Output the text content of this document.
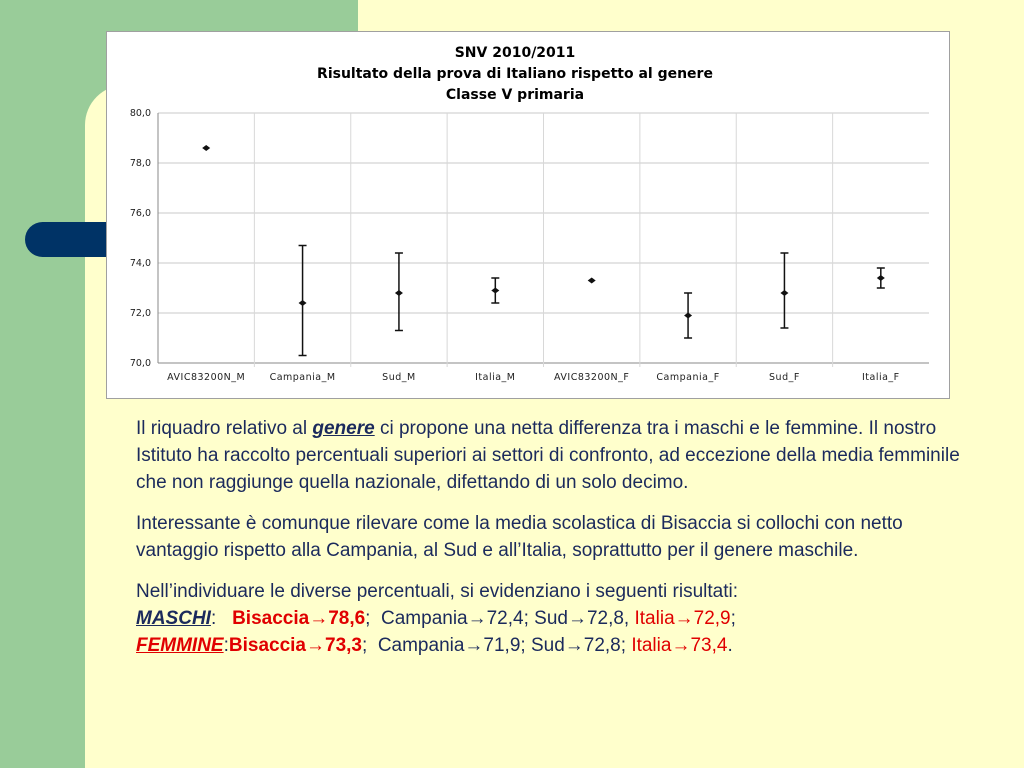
SNV 2010/2011
Risultato della prova di Italiano rispetto al genere
Classe V primaria
70,0
72,0
74,0
76,0
78,0
80,0
AVIC83200N_M	Campania_M	Sud_M	Italia_M	AVIC83200N_F	Campania_F	Sud_F	Italia_F

Il riquadro relativo al genere ci propone una netta differenza tra i maschi e le femmine. Il nostro Istituto ha raccolto percentuali superiori ai settori di confronto, ad eccezione della media femminile che non raggiunge quella nazionale, difettando di un solo decimo.

Interessante è comunque rilevare come la media scolastica di Bisaccia si collochi con netto vantaggio rispetto alla Campania, al Sud e all’Italia, soprattutto per il genere maschile.

Nell’individuare le diverse percentuali, si evidenziano i seguenti risultati:
MASCHI:   Bisaccia→78,6;  Campania→72,4; Sud→72,8, Italia→72,9;
FEMMINE:Bisaccia→73,3;  Campania→71,9; Sud→72,8; Italia→73,4.
